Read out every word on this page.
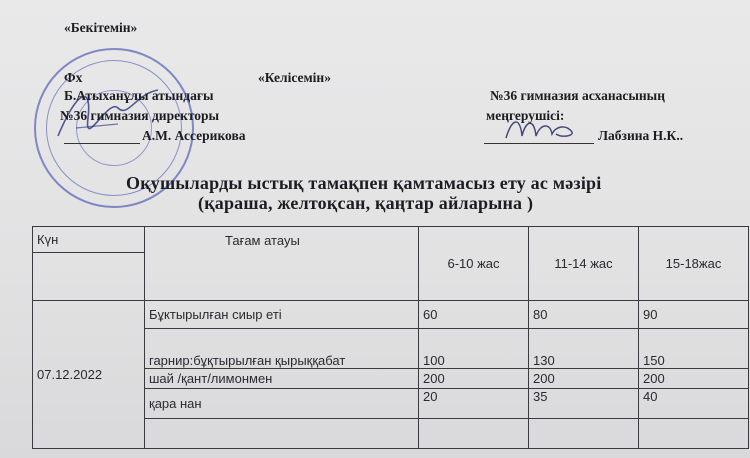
«Бекітемін»
Фх	«Келісемін»
Б.Атыханұлы атындағы
№36 гимназия директоры
А.М. Ассерикова
№36 гимназия асханасының
меңгерушісі:
Лабзина Н.К..
Оқушыларды ыстық тамақпен қамтамасыз ету ас мәзірі
(қараша, желтоқсан, қаңтар айларына )
Күн	Тағам атауы	6-10 жас	11-14 жас	15-18жас

07.12.2022	Бұктырылған сиыр еті	60	80	90
	гарнир:бұқтырылған қырыққабат	100	130	150
	шай /қант/лимонмен	200	200	200
	қара нан	20	35	40
